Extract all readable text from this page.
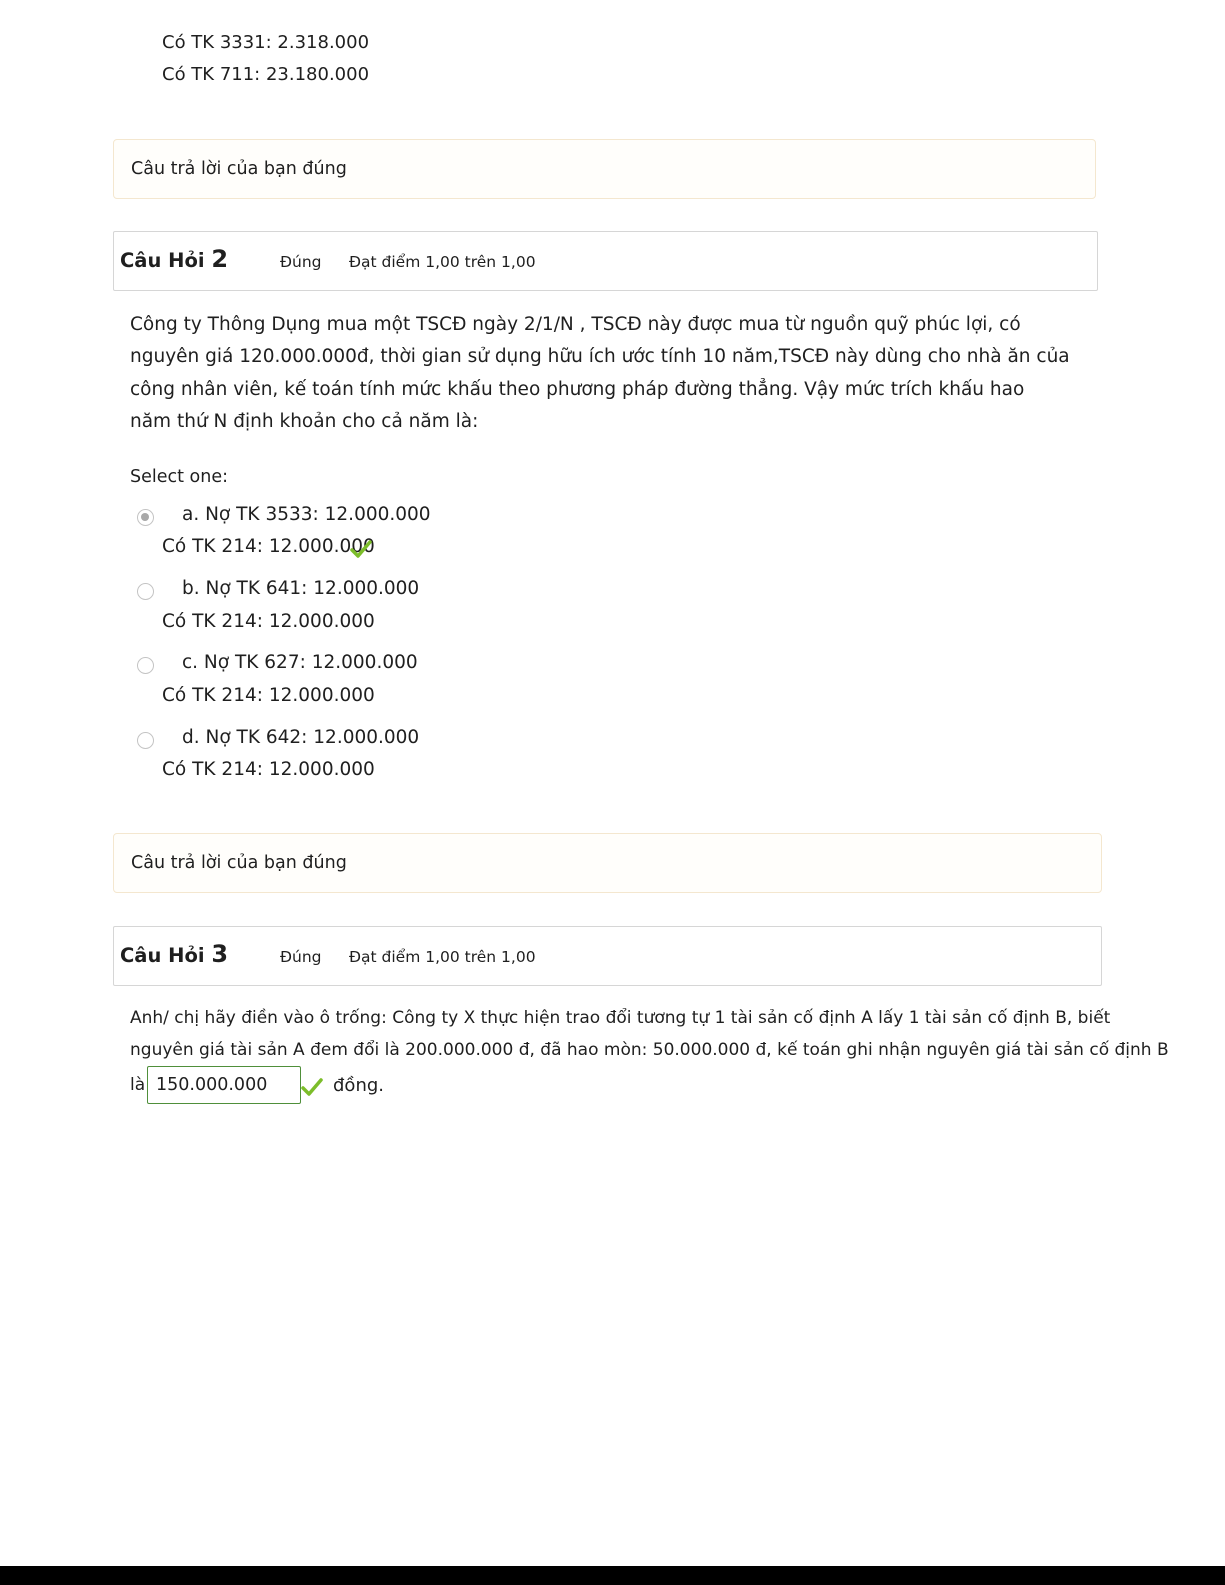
Có TK 3331: 2.318.000
Có TK 711: 23.180.000
Câu trả lời của bạn đúng
Câu Hỏi 2	Đúng Đạt điểm 1,00 trên 1,00

Công ty Thông Dụng mua một TSCĐ ngày 2/1/N , TSCĐ này được mua từ nguồn quỹ phúc lợi, có nguyên giá 120.000.000đ, thời gian sử dụng hữu ích ước tính 10 năm,TSCĐ này dùng cho nhà ăn của công nhân viên, kế toán tính mức khấu theo phương pháp đường thẳng. Vậy mức trích khấu hao năm thứ N định khoản cho cả năm là:

Select one:
a. Nợ TK 3533: 12.000.000
Có TK 214: 12.000.000
b. Nợ TK 641: 12.000.000
Có TK 214: 12.000.000
c. Nợ TK 627: 12.000.000
Có TK 214: 12.000.000
d. Nợ TK 642: 12.000.000
Có TK 214: 12.000.000
Câu trả lời của bạn đúng
Câu Hỏi 3	Đúng Đạt điểm 1,00 trên 1,00
Anh/ chị hãy điền vào ô trống: Công ty X thực hiện trao đổi tương tự 1 tài sản cố định A lấy 1 tài sản cố định B, biết
nguyên giá tài sản A đem đổi là 200.000.000 đ, đã hao mòn: 50.000.000 đ, kế toán ghi nhận nguyên giá tài sản cố định B
là
150.000.000	đồng.
